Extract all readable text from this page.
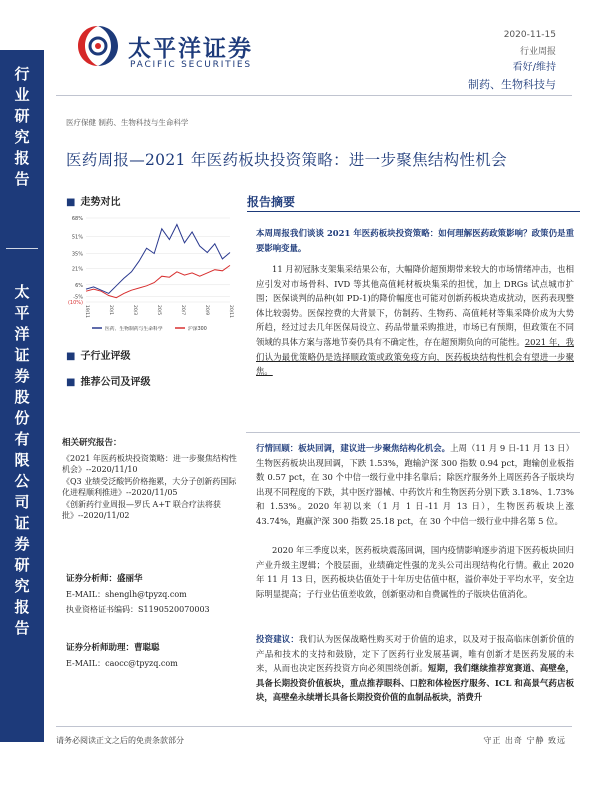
行业研究报告
太平洋证券股份有限公司证券研究报告
太平洋证券
PACIFIC SECURITIES
2020-11-15
行业周报
看好/维持
制药、生物科技与
医疗保健 制药、生物科技与生命科学
医药周报—2021 年医药板块投资策略：进一步聚焦结构性机会
■ 走势对比
68%
51%
35%
21%
6%
-5%
(10%)
19/11	20/1	20/3	20/5	20/7	20/9	20/11
医药、生物制药与生命科学	沪深300
■ 子行业评级
■ 推荐公司及评级
相关研究报告：
《2021 年医药板块投资策略：进一步聚焦结构性机会》--2020/11/10
《Q3 业绩受泛酸钙价格拖累，大分子创新药国际化进程顺利推进》--2020/11/05
《创新药行业周报—罗氏 A+T 联合疗法将获批》--2020/11/02
证券分析师：盛丽华
E-MAIL：shenglh@tpyzq.com
执业资格证书编码：S1190520070003
证券分析师助理：曹聪聪
E-MAIL：caocc@tpyzq.com
报告摘要
本周周报我们谈谈 2021 年医药板块投资策略：如何理解医药政策影响？政策仍是重要影响变量。
11 月初冠脉支架集采结果公布，大幅降价超预期带来较大的市场情绪冲击，也相应引发对市场骨科、IVD 等其他高值耗材板块集采的担忧，加上 DRGs 试点城市扩围；医保谈判的品种(如 PD-1)的降价幅度也可能对创新药板块造成扰动，医药表现整体比较弱势。医保控费的大背景下，仿制药、生物药、高值耗材等集采降价成为大势所趋，经过过去几年医保局设立、药品带量采购推进，市场已有预期，但政策在不同领域的具体方案与落地节奏仍具有不确定性，存在超预期负向的可能性。2021 年，我们认为最优策略仍是选择顺政策或政策免疫方向，医药板块结构性机会有望进一步聚焦。
行情回顾：板块回调，建议进一步聚焦结构化机会。上周（11 月 9 日-11 月 13 日）生物医药板块出现回调，下跌 1.53%，跑输沪深 300 指数 0.94 pct，跑输创业板指数 0.57 pct，在 30 个中信一级行业中排名靠后；除医疗服务外上周医药各子版块均出现不同程度的下跌，其中医疗器械、中药饮片和生物医药分别下跌 3.18%、1.73%和 1.53%。2020 年初以来（1 月 1 日-11 月 13 日），生物医药板块上涨 43.74%，跑赢沪深 300 指数 25.18 pct，在 30 个中信一级行业中排名第 5 位。
2020 年三季度以来，医药板块震荡回调，国内疫情影响逐步消退下医药板块回归产业升级主逻辑；个股层面，业绩确定性强的龙头公司出现结构化行情。截止 2020 年 11 月 13 日，医药板块估值处于十年历史估值中枢，溢价率处于平均水平，安全边际明显提高；子行业估值差收敛，创新驱动和自费属性的子版块估值消化。
投资建议：我们认为医保战略性购买对于价值的追求，以及对于报高临床创新价值的产品和技术的支持和鼓励，定下了医药行业发展基调，唯有创新才是医药发展的未来，从而也决定医药投资方向必须围绕创新。短期，我们继续推荐宽赛道、高壁垒，具备长期投资价值板块，重点推荐眼科、口腔和体检医疗服务、ICL 和高景气药店板块，高壁垒永续增长具备长期投资价值的血制品板块，消费升
请务必阅读正文之后的免责条款部分	守正 出奇 宁静 致远
